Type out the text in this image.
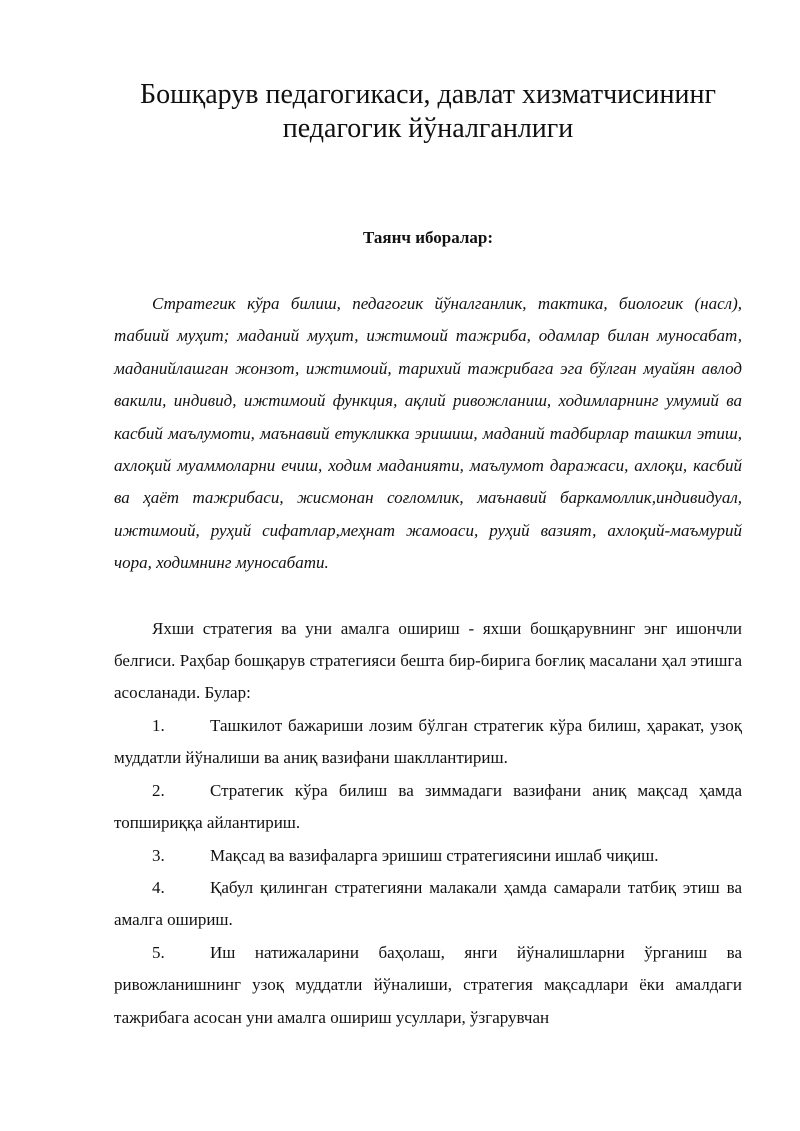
Бошқарув педагогикаси, давлат хизматчисининг
педагогик йўналганлиги
Таянч иборалар:

Стратегик кўра билиш, педагогик йўналганлик, тактика, биологик (насл), табиий муҳит; маданий муҳит, ижтимоий тажриба, одамлар билан муносабат, маданийлашган жонзот, ижтимоий, тарихий тажрибага эга бўлган муайян авлод вакили, индивид, ижтимоий функция, ақлий ривожланиш, ходимларнинг умумий ва касбий маълумоти, маънавий етукликка эришиш, маданий тадбирлар ташкил этиш, ахлоқий муаммоларни ечиш, ходим маданияти, маълумот даражаси, ахлоқи, касбий ва ҳаёт тажрибаси, жисмонан соғломлик, маънавий баркамоллик,индивидуал, ижтимоий, руҳий сифатлар,меҳнат жамоаси, руҳий вазият, ахлоқий-маъмурий чора, ходимнинг муносабати.

Яхши стратегия ва уни амалга ошириш - яхши бошқарувнинг энг ишончли белгиси. Раҳбар бошқарув стратегияси бешта бир-бирига боғлиқ масалани ҳал этишга асосланади. Булар:

1.	Ташкилот бажариши лозим бўлган стратегик кўра билиш, ҳаракат, узоқ муддатли йўналиши ва аниқ вазифани шакллантириш.
2.	Стратегик кўра билиш ва зиммадаги вазифани аниқ мақсад ҳамда топшириққа айлантириш.
3.	Мақсад ва вазифаларга эришиш стратегиясини ишлаб чиқиш.
4.	Қабул қилинган стратегияни малакали ҳамда самарали татбиқ этиш ва амалга ошириш.
5.	Иш натижаларини баҳолаш, янги йўналишларни ўрганиш ва ривожланишнинг узоқ муддатли йўналиши, стратегия мақсадлари ёки амалдаги тажрибага асосан уни амалга ошириш усуллари, ўзгарувчан
